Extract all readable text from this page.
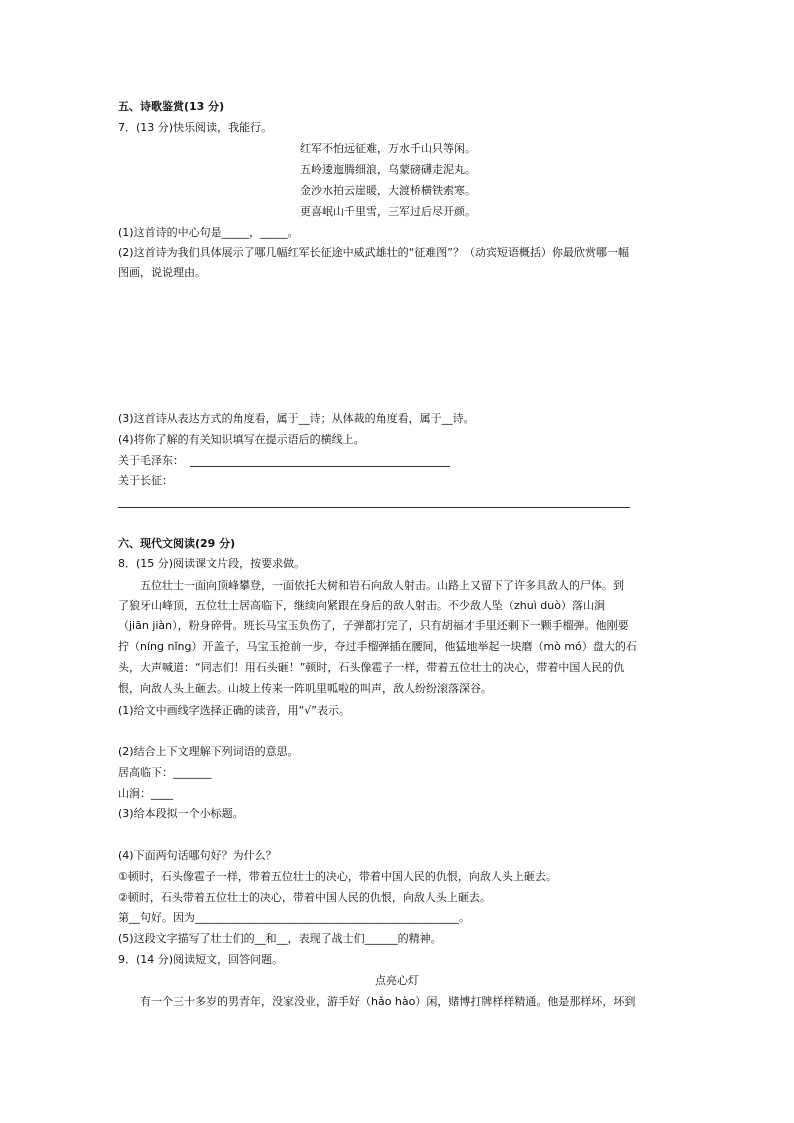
五、诗歌鉴赏(13 分)

7．(13 分)快乐阅读，我能行。

红军不怕远征难，万水千山只等闲。

五岭逶迤腾细浪，乌蒙磅礴走泥丸。

金沙水拍云崖暖，大渡桥横铁索寒。

更喜岷山千里雪，三军过后尽开颜。

(1)这首诗的中心句是_____，_____。

(2)这首诗为我们具体展示了哪几幅红军长征途中威武雄壮的“征难图”？（动宾短语概括）你最欣赏哪一幅

图画，说说理由。

(3)这首诗从表达方式的角度看，属于__诗；从体裁的角度看，属于__诗。

(4)将你了解的有关知识填写在提示语后的横线上。

关于毛泽东：

关于长征：

六、现代文阅读(29 分)

8．(15 分)阅读课文片段，按要求做。

五位壮士一面向顶峰攀登，一面依托大树和岩石向敌人射击。山路上又留下了许多具敌人的尸体。到

了狼牙山峰顶，五位壮士居高临下，继续向紧跟在身后的敌人射击。不少敌人坠（zhuì duò）落山涧

（jiān jiàn），粉身碎骨。班长马宝玉负伤了，子弹都打完了，只有胡福才手里还剩下一颗手榴弹。他刚要

拧（níng nǐng）开盖子，马宝玉抢前一步，夺过手榴弹插在腰间，他猛地举起一块磨（mò mó）盘大的石

头，大声喊道：“同志们！用石头砸！”顿时，石头像雹子一样，带着五位壮士的决心，带着中国人民的仇

恨，向敌人头上砸去。山坡上传来一阵叽里呱啦的叫声，敌人纷纷滚落深谷。

(1)给文中画线字选择正确的读音，用“√”表示。

(2)结合上下文理解下列词语的意思。

居高临下：_______

山涧：____

(3)给本段拟一个小标题。

(4)下面两句话哪句好？为什么？

①顿时，石头像雹子一样，带着五位壮士的决心，带着中国人民的仇恨，向敌人头上砸去。

②顿时，石头带着五位壮士的决心，带着中国人民的仇恨，向敌人头上砸去。

第__句好。因为________________________________________________。

(5)这段文字描写了壮士们的__和__，表现了战士们______的精神。

9．(14 分)阅读短文，回答问题。

点亮心灯

有一个三十多岁的男青年，没家没业，游手好（hǎo hào）闲，赌博打牌样样精通。他是那样坏，坏到
